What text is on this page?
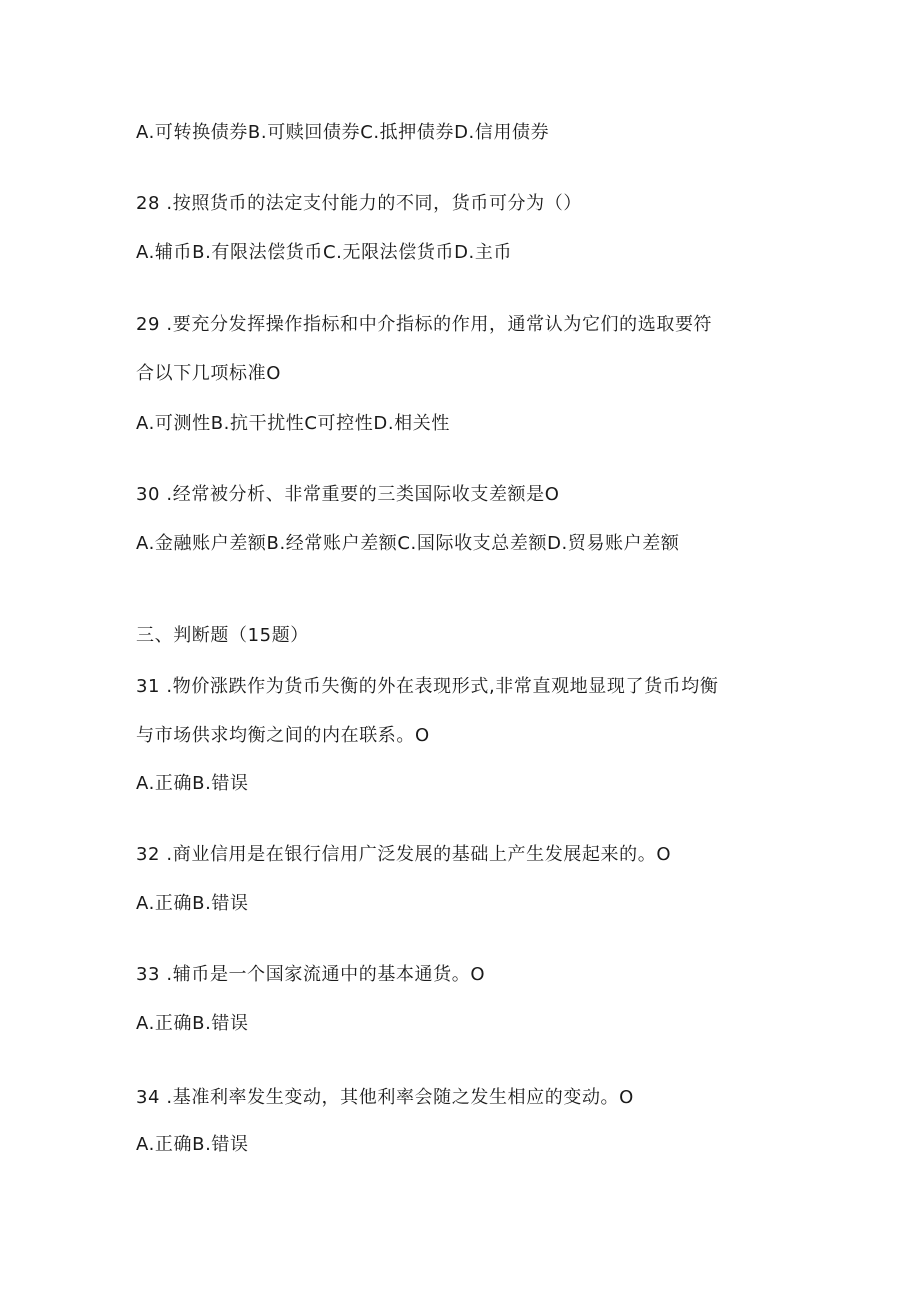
A.可转换债券B.可赎回债券C.抵押债券D.信用债券
28 .按照货币的法定支付能力的不同，货币可分为（）
A.辅币B.有限法偿货币C.无限法偿货币D.主币
29 .要充分发挥操作指标和中介指标的作用，通常认为它们的选取要符
合以下几项标准O
A.可测性B.抗干扰性C可控性D.相关性
30 .经常被分析、非常重要的三类国际收支差额是O
A.金融账户差额B.经常账户差额C.国际收支总差额D.贸易账户差额
三、判断题（15题）
31 .物价涨跌作为货币失衡的外在表现形式,非常直观地显现了货币均衡
与市场供求均衡之间的内在联系。O
A.正确B.错误
32 .商业信用是在银行信用广泛发展的基础上产生发展起来的。O
A.正确B.错误
33 .辅币是一个国家流通中的基本通货。O
A.正确B.错误
34 .基准利率发生变动，其他利率会随之发生相应的变动。O
A.正确B.错误
